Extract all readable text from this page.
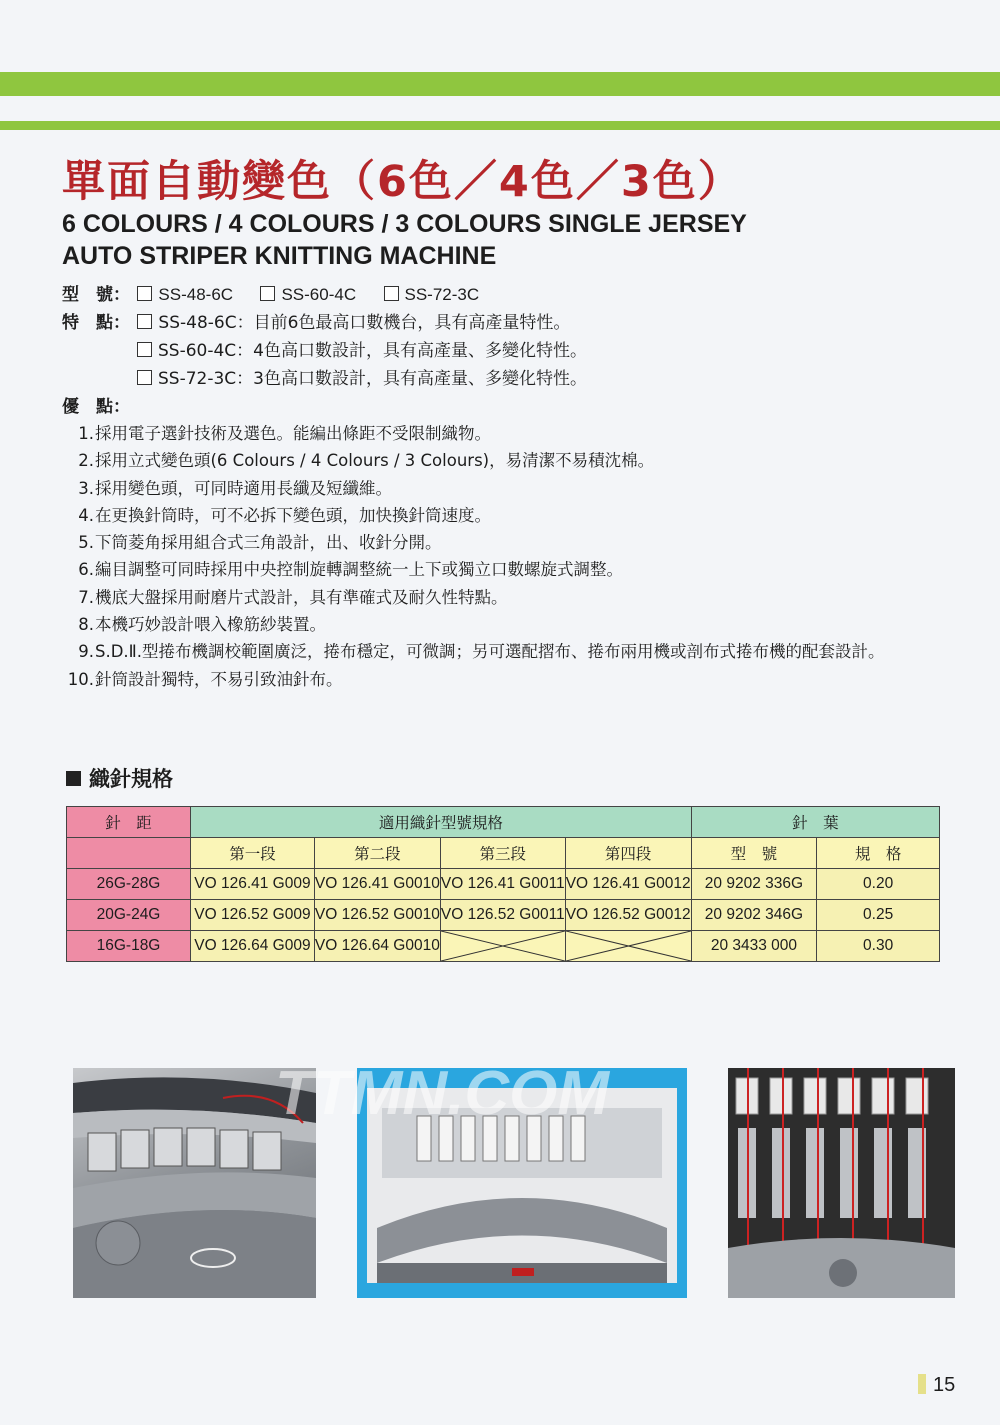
單面自動變色（6色／4色／3色）
6 COLOURS / 4 COLOURS / 3 COLOURS SINGLE JERSEY
AUTO STRIPER KNITTING MACHINE
型　號： SS-48-6C	SS-60-4C	SS-72-3C
特　點： SS-48-6C：目前6色最高口數機台，具有高產量特性。
SS-60-4C：4色高口數設計，具有高產量、多變化特性。
SS-72-3C：3色高口數設計，具有高產量、多變化特性。
優　點：
1. 採用電子選針技術及選色。能編出條距不受限制織物。
2. 採用立式變色頭(6 Colours / 4 Colours / 3 Colours)，易清潔不易積沈棉。
3. 採用變色頭，可同時適用長纖及短纖維。
4. 在更換針筒時，可不必拆下變色頭，加快換針筒速度。
5. 下筒菱角採用組合式三角設計，出、收針分開。
6. 編目調整可同時採用中央控制旋轉調整統一上下或獨立口數螺旋式調整。
7. 機底大盤採用耐磨片式設計，具有準確式及耐久性特點。
8. 本機巧妙設計喂入橡筋紗裝置。
9. S.D.Ⅱ.型捲布機調校範圍廣泛，捲布穩定，可微調；另可選配摺布、捲布兩用機或剖布式捲布機的配套設計。
10. 針筒設計獨特，不易引致油針布。
織針規格
針　距	適用織針型號規格				針　葉	
	第一段	第二段	第三段	第四段	型　號	規　格
26G-28G	VO 126.41 G009	VO 126.41 G0010	VO 126.41 G0011	VO 126.41 G0012	20 9202 336G	0.20
20G-24G	VO 126.52 G009	VO 126.52 G0010	VO 126.52 G0011	VO 126.52 G0012	20 9202 346G	0.25
16G-18G	VO 126.64 G009	VO 126.64 G0010			20 3433 000	0.30
TTMN.COM
15
